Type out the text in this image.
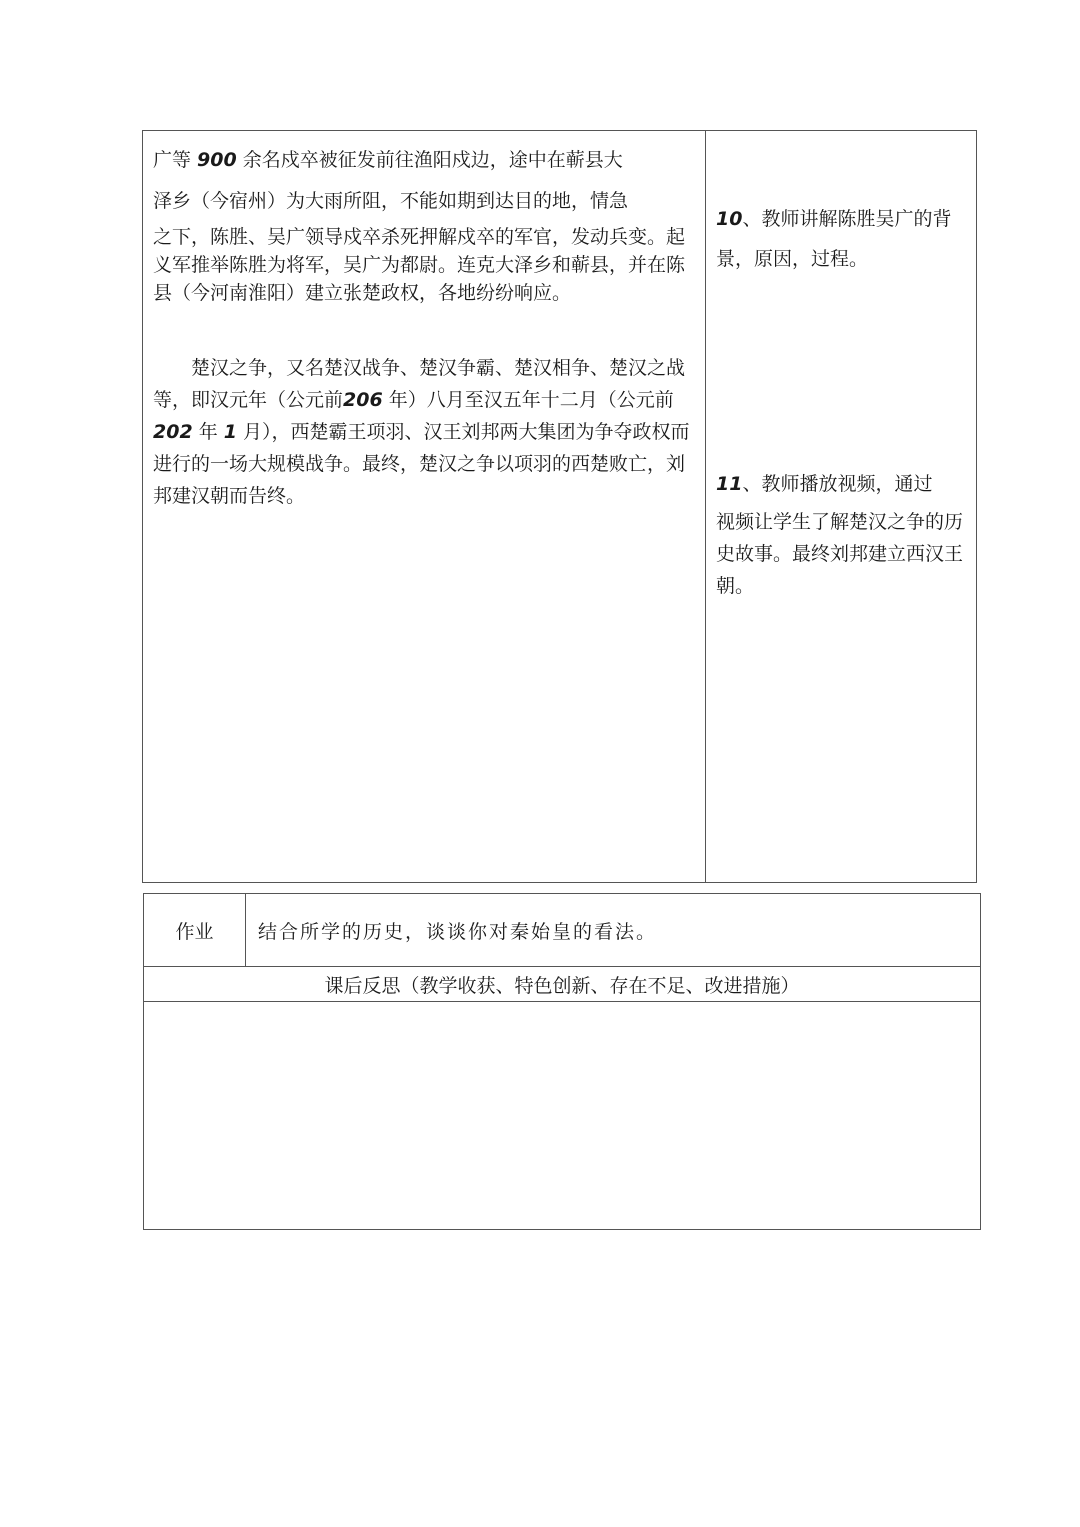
广等 900 余名戍卒被征发前往渔阳戍边，途中在蕲县大
泽乡（今宿州）为大雨所阻，不能如期到达目的地，情急
之下，陈胜、吴广领导戍卒杀死押解戍卒的军官，发动兵变。起义军推举陈胜为将军，吴广为都尉。连克大泽乡和蕲县，并在陈县（今河南淮阳）建立张楚政权，各地纷纷响应。
楚汉之争，又名楚汉战争、楚汉争霸、楚汉相争、楚汉之战等，即汉元年（公元前206 年）八月至汉五年十二月（公元前202 年 1 月），西楚霸王项羽、汉王刘邦两大集团为争夺政权而进行的一场大规模战争。最终，楚汉之争以项羽的西楚败亡，刘邦建汉朝而告终。
10、教师讲解陈胜吴广的背景，原因，过程。
11、教师播放视频，通过
视频让学生了解楚汉之争的历史故事。最终刘邦建立西汉王朝。
作业	结合所学的历史，谈谈你对秦始皇的看法。
课后反思（教学收获、特色创新、存在不足、改进措施）
